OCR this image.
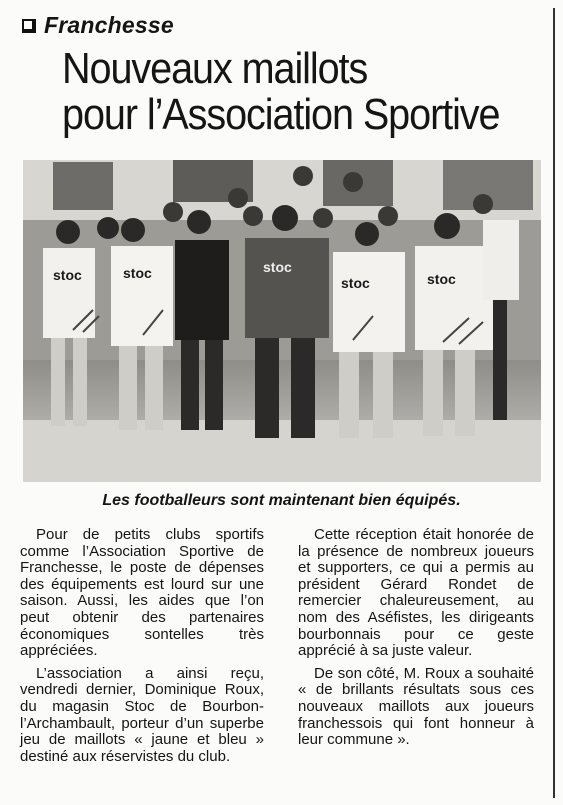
Franchesse
Nouveaux maillots
pour l’Association Sportive
stoc	stoc	stoc
stoc	stoc
Les footballeurs sont maintenant bien équipés.

Pour de petits clubs sportifs comme l’Association Sportive de Franchesse, le poste de dépenses des équipements est lourd sur une saison. Aussi, les aides que l’on peut obtenir des partenaires économiques sontelles très appréciées.

L’association a ainsi reçu, vendredi dernier, Dominique Roux, du magasin Stoc de Bourbon-l’Archambault, porteur d’un superbe jeu de maillots « jaune et bleu » destiné aux réservistes du club.

Cette réception était honorée de la présence de nombreux joueurs et supporters, ce qui a permis au président Gérard Rondet de remercier chaleureusement, au nom des Aséfistes, les dirigeants bourbonnais pour ce geste apprécié à sa juste valeur.

De son côté, M. Roux a souhaité « de brillants résultats sous ces nouveaux maillots aux joueurs franchessois qui font honneur à leur commune ».
